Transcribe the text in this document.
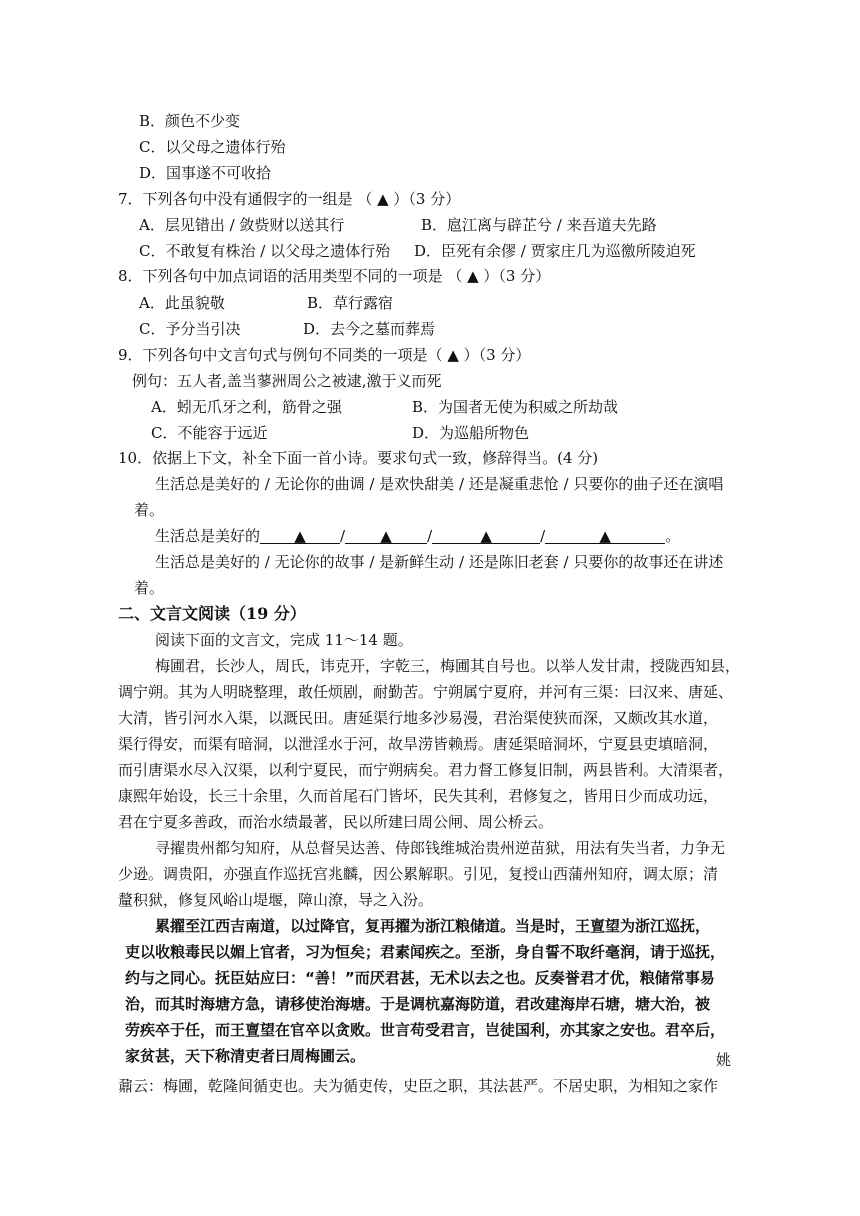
B．颜色不少变
C．以父母之遗体行殆
D．国事遂不可收拾
7．下列各句中没有通假字的一组是 （ ▲ ）（3 分）
A．层见错出 / 敛赀财以送其行	B．扈江离与辟芷兮 / 来吾道夫先路
C．不敢复有株治 / 以父母之遗体行殆 D．臣死有余僇 / 贾家庄几为巡徼所陵迫死
8．下列各句中加点词语的活用类型不同的一项是 （ ▲ ）（3 分）
A．此虽貌敬	B．草行露宿
C．予分当引决	D．去今之墓而葬焉
9．下列各句中文言句式与例句不同类的一项是（ ▲ ）（3 分）
例句：五人者,盖当蓼洲周公之被逮,激于义而死
A．蚓无爪牙之利，筋骨之强	B．为国者无使为积威之所劫哉
C．不能容于远近	D．为巡船所物色
10．依据上下文，补全下面一首小诗。要求句式一致，修辞得当。(4 分)
生活总是美好的 / 无论你的曲调 / 是欢快甜美 / 还是凝重悲怆 / 只要你的曲子还在演唱
着。
生活总是美好的 ▲ / ▲ /	▲	/	▲	。
生活总是美好的 / 无论你的故事 / 是新鲜生动 / 还是陈旧老套 / 只要你的故事还在讲述
着。
二、文言文阅读（19 分）
阅读下面的文言文，完成 11～14 题。
梅圃君，长沙人，周氏，讳克开，字乾三，梅圃其自号也。以举人发甘肃，授陇西知县，
调宁朔。其为人明晓整理，敢任烦剧，耐勤苦。宁朔属宁夏府，并河有三渠：曰汉来、唐延、
大清，皆引河水入渠，以溉民田。唐延渠行地多沙易漫，君治渠使狭而深，又颇改其水道，
渠行得安，而渠有暗洞，以泄淫水于河，故旱涝皆赖焉。唐延渠暗洞坏，宁夏县吏填暗洞，
而引唐渠水尽入汉渠，以利宁夏民，而宁朔病矣。君力督工修复旧制，两县皆利。大清渠者，
康熙年始设，长三十余里，久而首尾石门皆坏，民失其利，君修复之，皆用日少而成功远，
君在宁夏多善政，而治水绩最著，民以所建曰周公闸、周公桥云。
寻擢贵州都匀知府，从总督吴达善、侍郎钱维城治贵州逆苗狱，用法有失当者，力争无
少逊。调贵阳，亦强直作巡抚宫兆麟，因公累解职。引见，复授山西蒲州知府，调太原；清
釐积狱，修复风峪山堤堰，障山潦，导之入汾。
累擢至江西吉南道，以过降官，复再擢为浙江粮储道。当是时，王亶望为浙江巡抚，
吏以收粮毒民以媚上官者，习为恒矣；君素闻疾之。至浙，身自誓不取纤毫润，请于巡抚，
约与之同心。抚臣姑应曰：“善！”而厌君甚，无术以去之也。反奏誉君才优，粮储常事易
治，而其时海塘方急，请移使治海塘。于是调杭嘉海防道，君改建海岸石塘，塘大治，被
劳疾卒于任，而王亶望在官卒以贪败。世言苟受君言，岂徒国利，亦其家之安也。君卒后，
家贫甚，天下称清吏者曰周梅圃云。	姚
鼐云：梅圃，乾隆间循吏也。夫为循吏传，史臣之职，其法甚严。不居史职，为相知之家作
